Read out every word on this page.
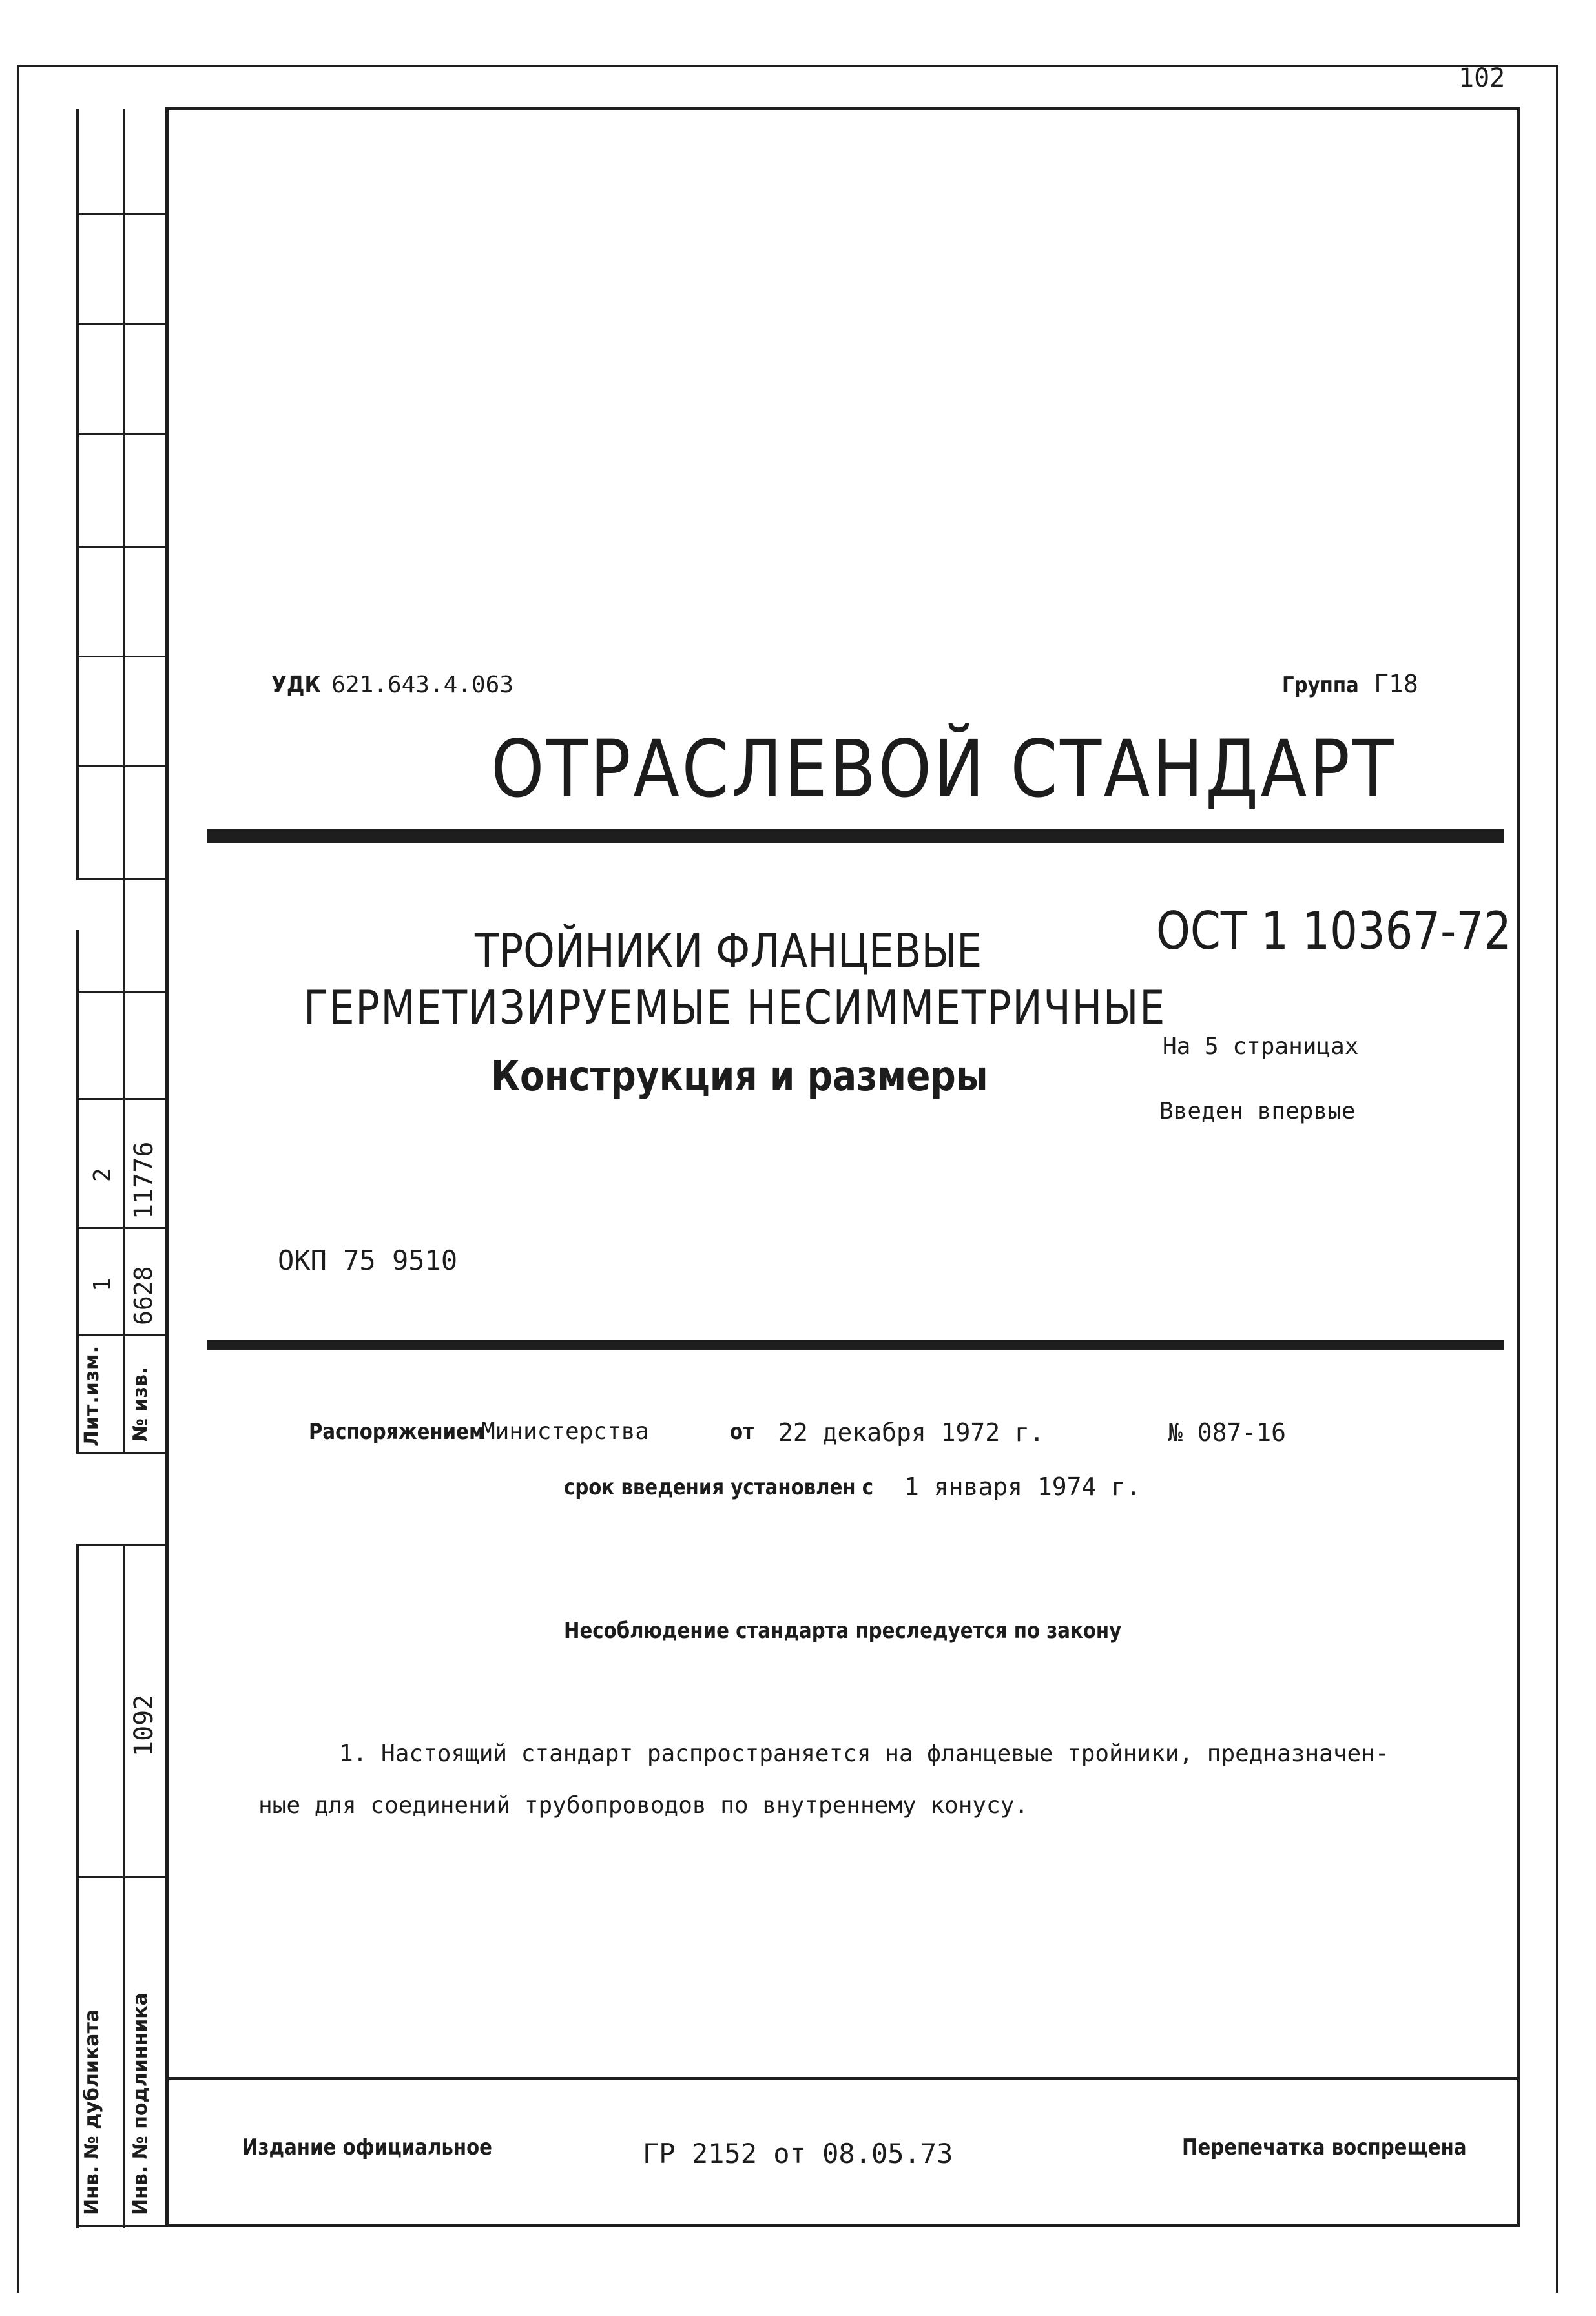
102
2 11776
1 6628
Лит.изм. № изв.
1092
Инв. № дубликата Инв. № подлинника
УДК 621.643.4.063	Группа Г18
ОТРАСЛЕВОЙ СТАНДАРТ
ТРОЙНИКИ ФЛАНЦЕВЫЕ
ГЕРМЕТИЗИРУЕМЫЕ НЕСИММЕТРИЧНЫЕ
Конструкция и размеры
ОСТ 1 10367-72
На 5 страницах
Введен впервые
ОКП 75 9510
Распоряжением
Министерства	от 22 декабря 1972 г.	№ 087-16
срок введения установлен с 1 января 1974 г.
Несоблюдение стандарта преследуется по закону
1. Настоящий стандарт распространяется на фланцевые тройники, предназначен-
ные для соединений трубопроводов по внутреннему конусу.
Издание официальное	ГР 2152 от 08.05.73	Перепечатка воспрещена
